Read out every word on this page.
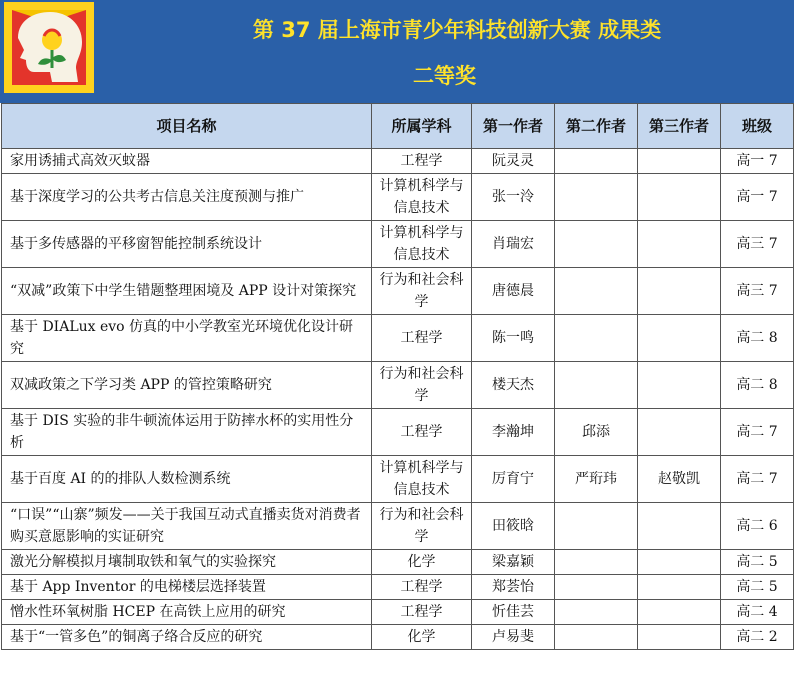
第 37 届上海市青少年科技创新大赛 成果类
二等奖
项目名称	所属学科	第一作者	第二作者	第三作者	班级
家用诱捕式高效灭蚊器	工程学	阮灵灵			高一 7
基于深度学习的公共考古信息关注度预测与推广	计算机科学与信息技术	张一泠			高一 7
基于多传感器的平移窗智能控制系统设计	计算机科学与信息技术	肖瑞宏			高三 7
“双减”政策下中学生错题整理困境及 APP 设计对策探究	行为和社会科学	唐德晨			高三 7
基于 DIALux evo 仿真的中小学教室光环境优化设计研究	工程学	陈一鸣			高二 8
双减政策之下学习类 APP 的管控策略研究	行为和社会科学	楼天杰			高二 8
基于 DIS 实验的非牛顿流体运用于防摔水杯的实用性分析	工程学	李瀚坤	邱添		高二 7
基于百度 AI 的的排队人数检测系统	计算机科学与信息技术	厉育宁	严珩玮	赵敬凯	高二 7
“口误”“山寨”频发——关于我国互动式直播卖货对消费者购买意愿影响的实证研究	行为和社会科学	田筱晗			高二 6
激光分解模拟月壤制取铁和氧气的实验探究	化学	梁嘉颖			高二 5
基于 App Inventor 的电梯楼层选择装置	工程学	郑荟怡			高二 5
憎水性环氧树脂 HCEP 在高铁上应用的研究	工程学	忻佳芸			高二 4
基于“一管多色”的铜离子络合反应的研究	化学	卢易斐			高二 2
